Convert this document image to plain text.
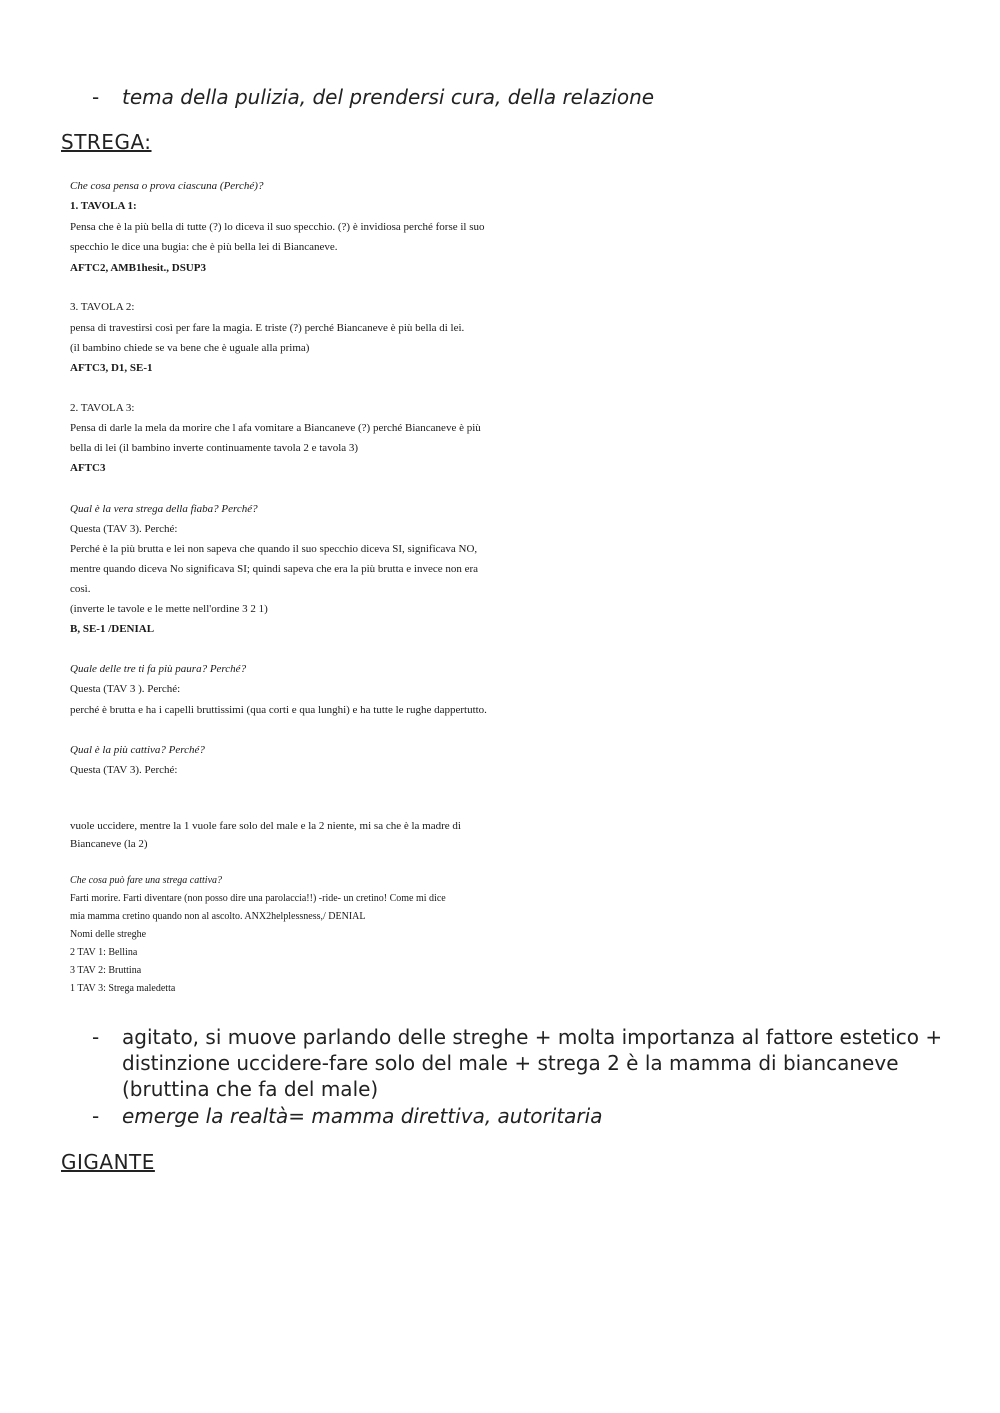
- tema della pulizia, del prendersi cura, della relazione
STREGA:
Che cosa pensa o prova ciascuna (Perché)?
1. TAVOLA 1:
Pensa che è la più bella di tutte (?) lo diceva il suo specchio. (?) è invidiosa perché forse il suo
specchio le dice una bugia: che è più bella lei di Biancaneve.
AFTC2, AMB1hesit., DSUP3
3. TAVOLA 2:
pensa di travestirsi così per fare la magia. E triste (?) perché Biancaneve è più bella di lei.
(il bambino chiede se va bene che è uguale alla prima)
AFTC3, D1, SE-1
2. TAVOLA 3:
Pensa di darle la mela da morire che l afa vomitare a Biancaneve (?) perché Biancaneve è più
bella di lei (il bambino inverte continuamente tavola 2 e tavola 3)
AFTC3
Qual è la vera strega della fiaba? Perché?
Questa (TAV 3). Perché:
Perché è la più brutta e lei non sapeva che quando il suo specchio diceva SI, significava NO,
mentre quando diceva No significava SI; quindi sapeva che era la più brutta e invece non era
così.
(inverte le tavole e le mette nell'ordine 3 2 1)
B, SE-1 /DENIAL
Quale delle tre ti fa più paura? Perché?
Questa (TAV 3 ). Perché:
perché è brutta e ha i capelli bruttissimi (qua corti e qua lunghi) e ha tutte le rughe dappertutto.
Qual è la più cattiva? Perché?
Questa (TAV 3). Perché:
vuole uccidere, mentre la 1 vuole fare solo del male e la 2 niente, mi sa che è la madre di
Biancaneve (la 2)
Che cosa può fare una strega cattiva?
Farti morire. Farti diventare (non posso dire una parolaccia!!) -ride- un cretino! Come mi dice
mia mamma cretino quando non al ascolto. ANX2helplessness,/ DENIAL
Nomi delle streghe
2 TAV 1: Bellina
3 TAV 2: Bruttina
1 TAV 3: Strega maledetta
- agitato, si muove parlando delle streghe + molta importanza al fattore estetico + distinzione uccidere-fare solo del male + strega 2 è la mamma di biancaneve (bruttina che fa del male)
- emerge la realtà= mamma direttiva, autoritaria
GIGANTE
